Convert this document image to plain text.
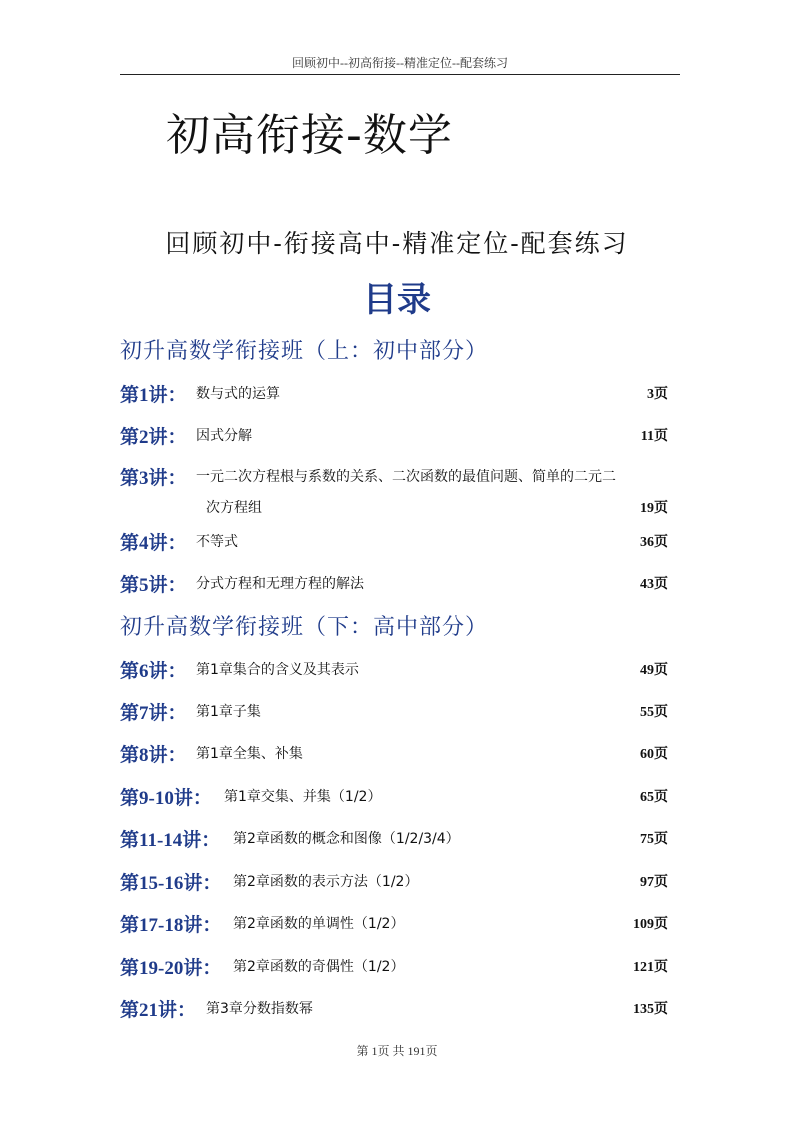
回顾初中--初高衔接--精准定位--配套练习
初高衔接-数学
回顾初中-衔接高中-精准定位-配套练习
目录
初升高数学衔接班（上：初中部分）
第1讲： 数与式的运算	3页
第2讲： 因式分解	11页
第3讲： 一元二次方程根与系数的关系、二次函数的最值问题、简单的二元二
次方程组	19页
第4讲： 不等式	36页
第5讲： 分式方程和无理方程的解法	43页
初升高数学衔接班（下：高中部分）
第6讲： 第1章集合的含义及其表示	49页
第7讲： 第1章子集	55页
第8讲： 第1章全集、补集	60页
第9-10讲： 第1章交集、并集（1/2）	65页
第11-14讲： 第2章函数的概念和图像（1/2/3/4）	75页
第15-16讲： 第2章函数的表示方法（1/2）	97页
第17-18讲： 第2章函数的单调性（1/2）	109页
第19-20讲： 第2章函数的奇偶性（1/2）	121页
第21讲： 第3章分数指数幂	135页
第 1页 共 191页
